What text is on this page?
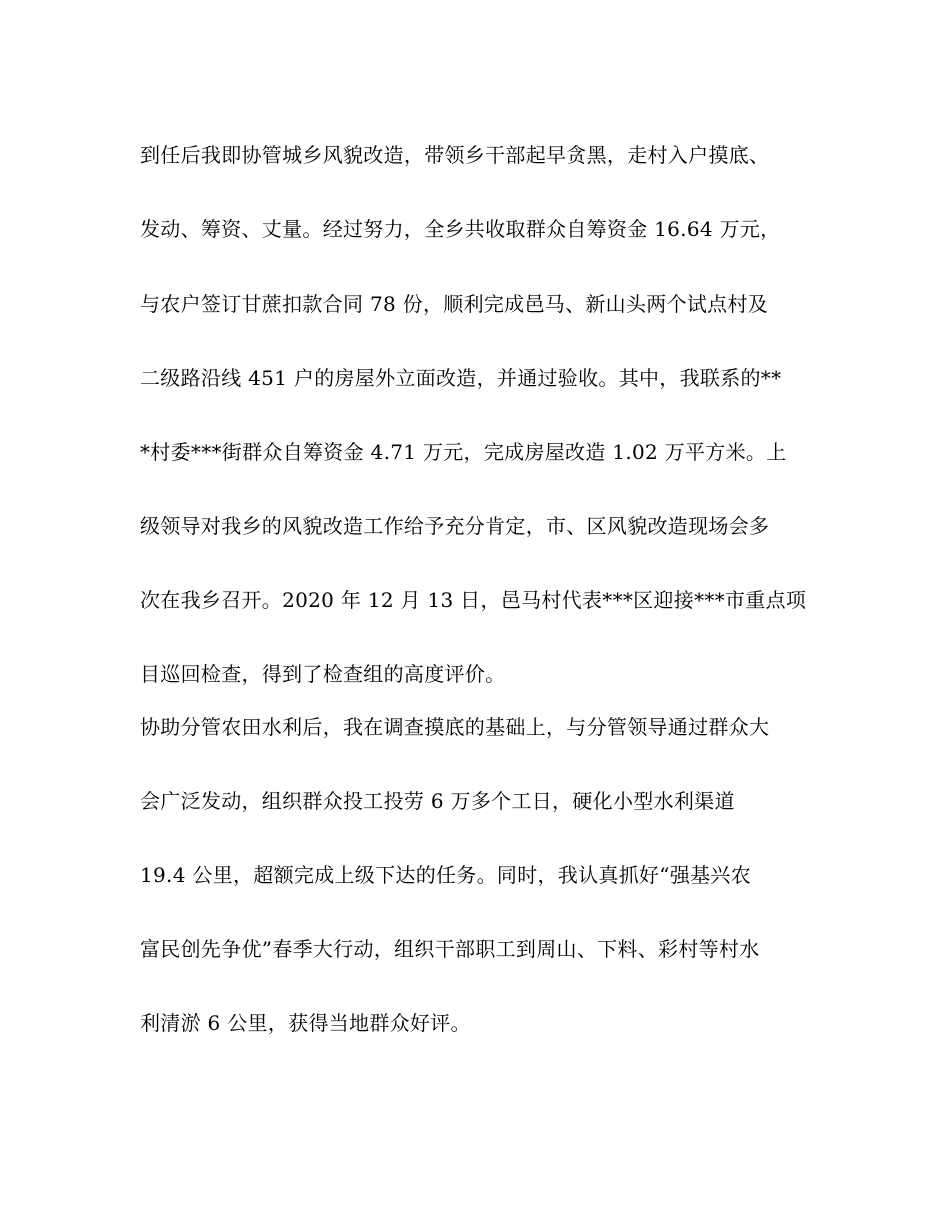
到任后我即协管城乡风貌改造，带领乡干部起早贪黑，走村入户摸底、
发动、筹资、丈量。经过努力，全乡共收取群众自筹资金 16.64 万元，
与农户签订甘蔗扣款合同 78 份，顺利完成邑马、新山头两个试点村及
二级路沿线 451 户的房屋外立面改造，并通过验收。其中，我联系的**
*村委***街群众自筹资金 4.71 万元，完成房屋改造 1.02 万平方米。上
级领导对我乡的风貌改造工作给予充分肯定，市、区风貌改造现场会多
次在我乡召开。2020 年 12 月 13 日，邑马村代表***区迎接***市重点项
目巡回检查，得到了检查组的高度评价。
协助分管农田水利后，我在调查摸底的基础上，与分管领导通过群众大
会广泛发动，组织群众投工投劳 6 万多个工日，硬化小型水利渠道
19.4 公里，超额完成上级下达的任务。同时，我认真抓好“强基兴农
富民创先争优”春季大行动，组织干部职工到周山、下料、彩村等村水
利清淤 6 公里，获得当地群众好评。
